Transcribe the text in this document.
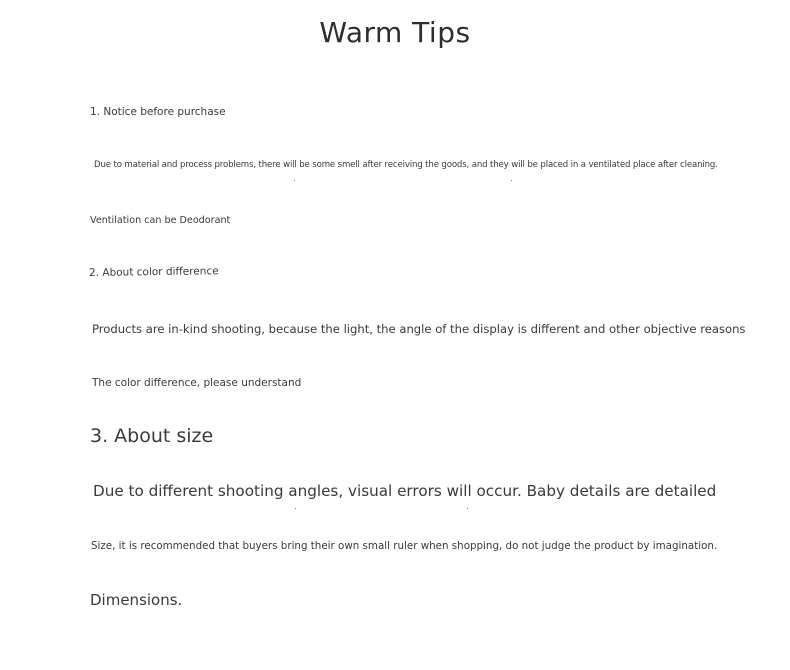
Warm Tips
1. Notice before purchase
Due to material and process problems, there will be some smell after receiving the goods, and they will be placed in a ventilated place after cleaning.
Ventilation can be Deodorant
2. About color difference
Products are in-kind shooting, because the light, the angle of the display is different and other objective reasons
The color difference, please understand
3. About size
Due to different shooting angles, visual errors will occur. Baby details are detailed
Size, it is recommended that buyers bring their own small ruler when shopping, do not judge the product by imagination.
Dimensions.
